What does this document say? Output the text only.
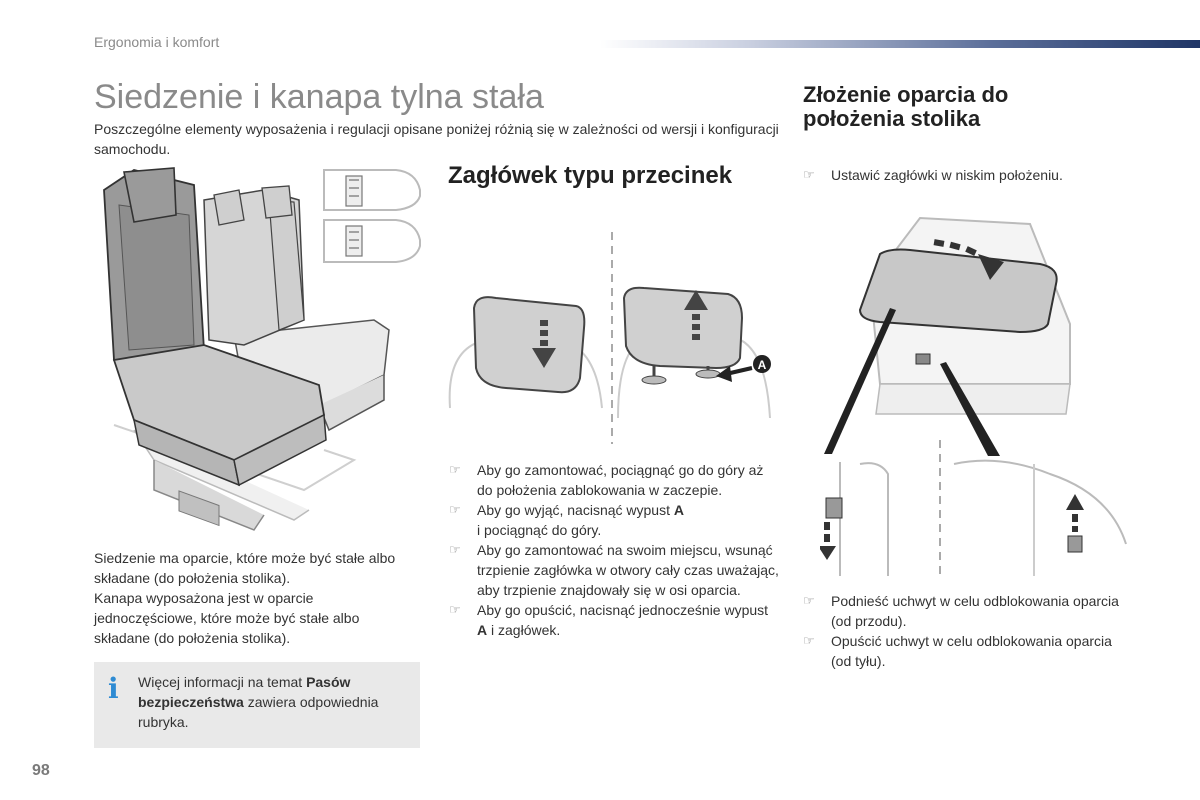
Ergonomia i komfort
Siedzenie i kanapa tylna stała
Poszczególne elementy wyposażenia i regulacji opisane poniżej różnią się w zależności od wersji i konfiguracji samochodu.
Zagłówek typu przecinek
A
☞ Aby go zamontować, pociągnąć go do góry aż do położenia zablokowania w zaczepie.
☞ Aby go wyjąć, nacisnąć wypust A
i pociągnąć do góry.
☞ Aby go zamontować na swoim miejscu, wsunąć trzpienie zagłówka w otwory cały czas uważając, aby trzpienie znajdowały się w osi oparcia.
☞ Aby go opuścić, nacisnąć jednocześnie wypust A i zagłówek.
Siedzenie ma oparcie, które może być stałe albo składane (do położenia stolika).
Kanapa wyposażona jest w oparcie jednoczęściowe, które może być stałe albo składane (do położenia stolika).
i Więcej informacji na temat Pasów bezpieczeństwa zawiera odpowiednia rubryka.
Złożenie oparcia do położenia stolika
☞ Ustawić zagłówki w niskim położeniu.
☞ Podnieść uchwyt w celu odblokowania oparcia (od przodu).
☞ Opuścić uchwyt w celu odblokowania oparcia (od tyłu).
98
